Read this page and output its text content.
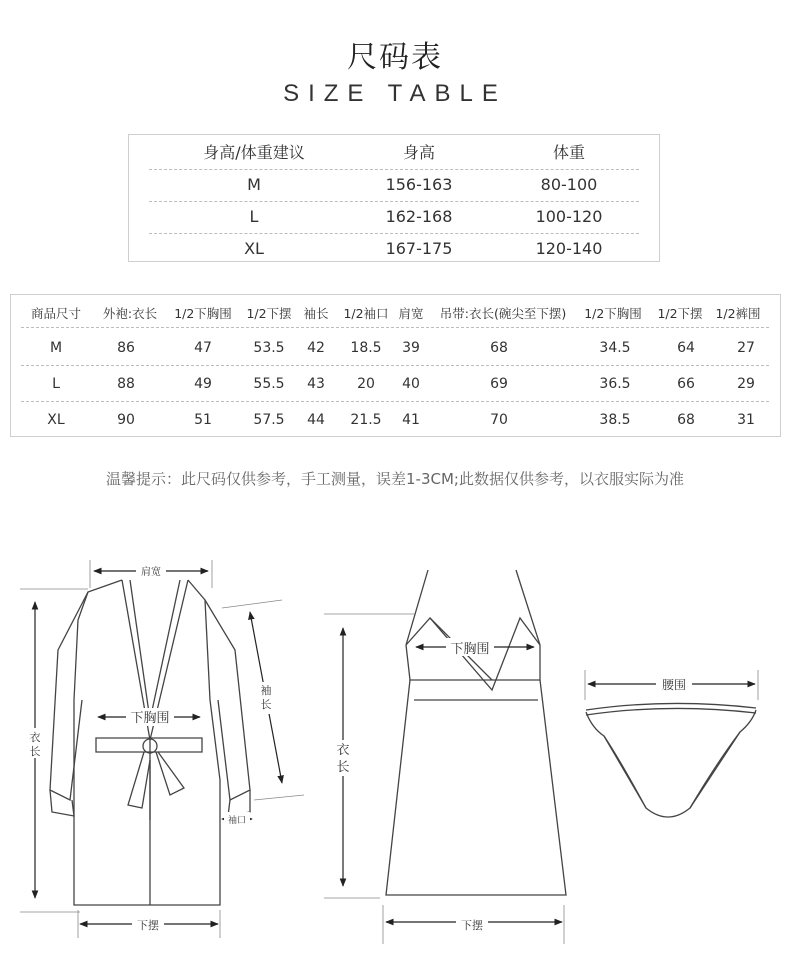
尺码表
SIZE TABLE
身高/体重建议	身高	体重
M	156-163	80-100
L	162-168	100-120
XL	167-175	120-140
商品尺寸	外袍:衣长	1/2下胸围	1/2下摆 袖长	1/2袖口 肩宽	吊带:衣长(碗尖至下摆)	1/2下胸围	1/2下摆	1/2裤围
M	86	47	53.5	42	18.5	39	68	34.5	64	27
L	88	49	55.5	43	20	40	69	36.5	66	29
XL	90	51	57.5	44	21.5	41	70	38.5	68	31
温馨提示：此尺码仅供参考，手工测量，误差1-3CM;此数据仅供参考，以衣服实际为准
肩宽
衣
长
下胸围
袖
长
袖口
下摆
下胸围
衣
长
下摆
腰围
